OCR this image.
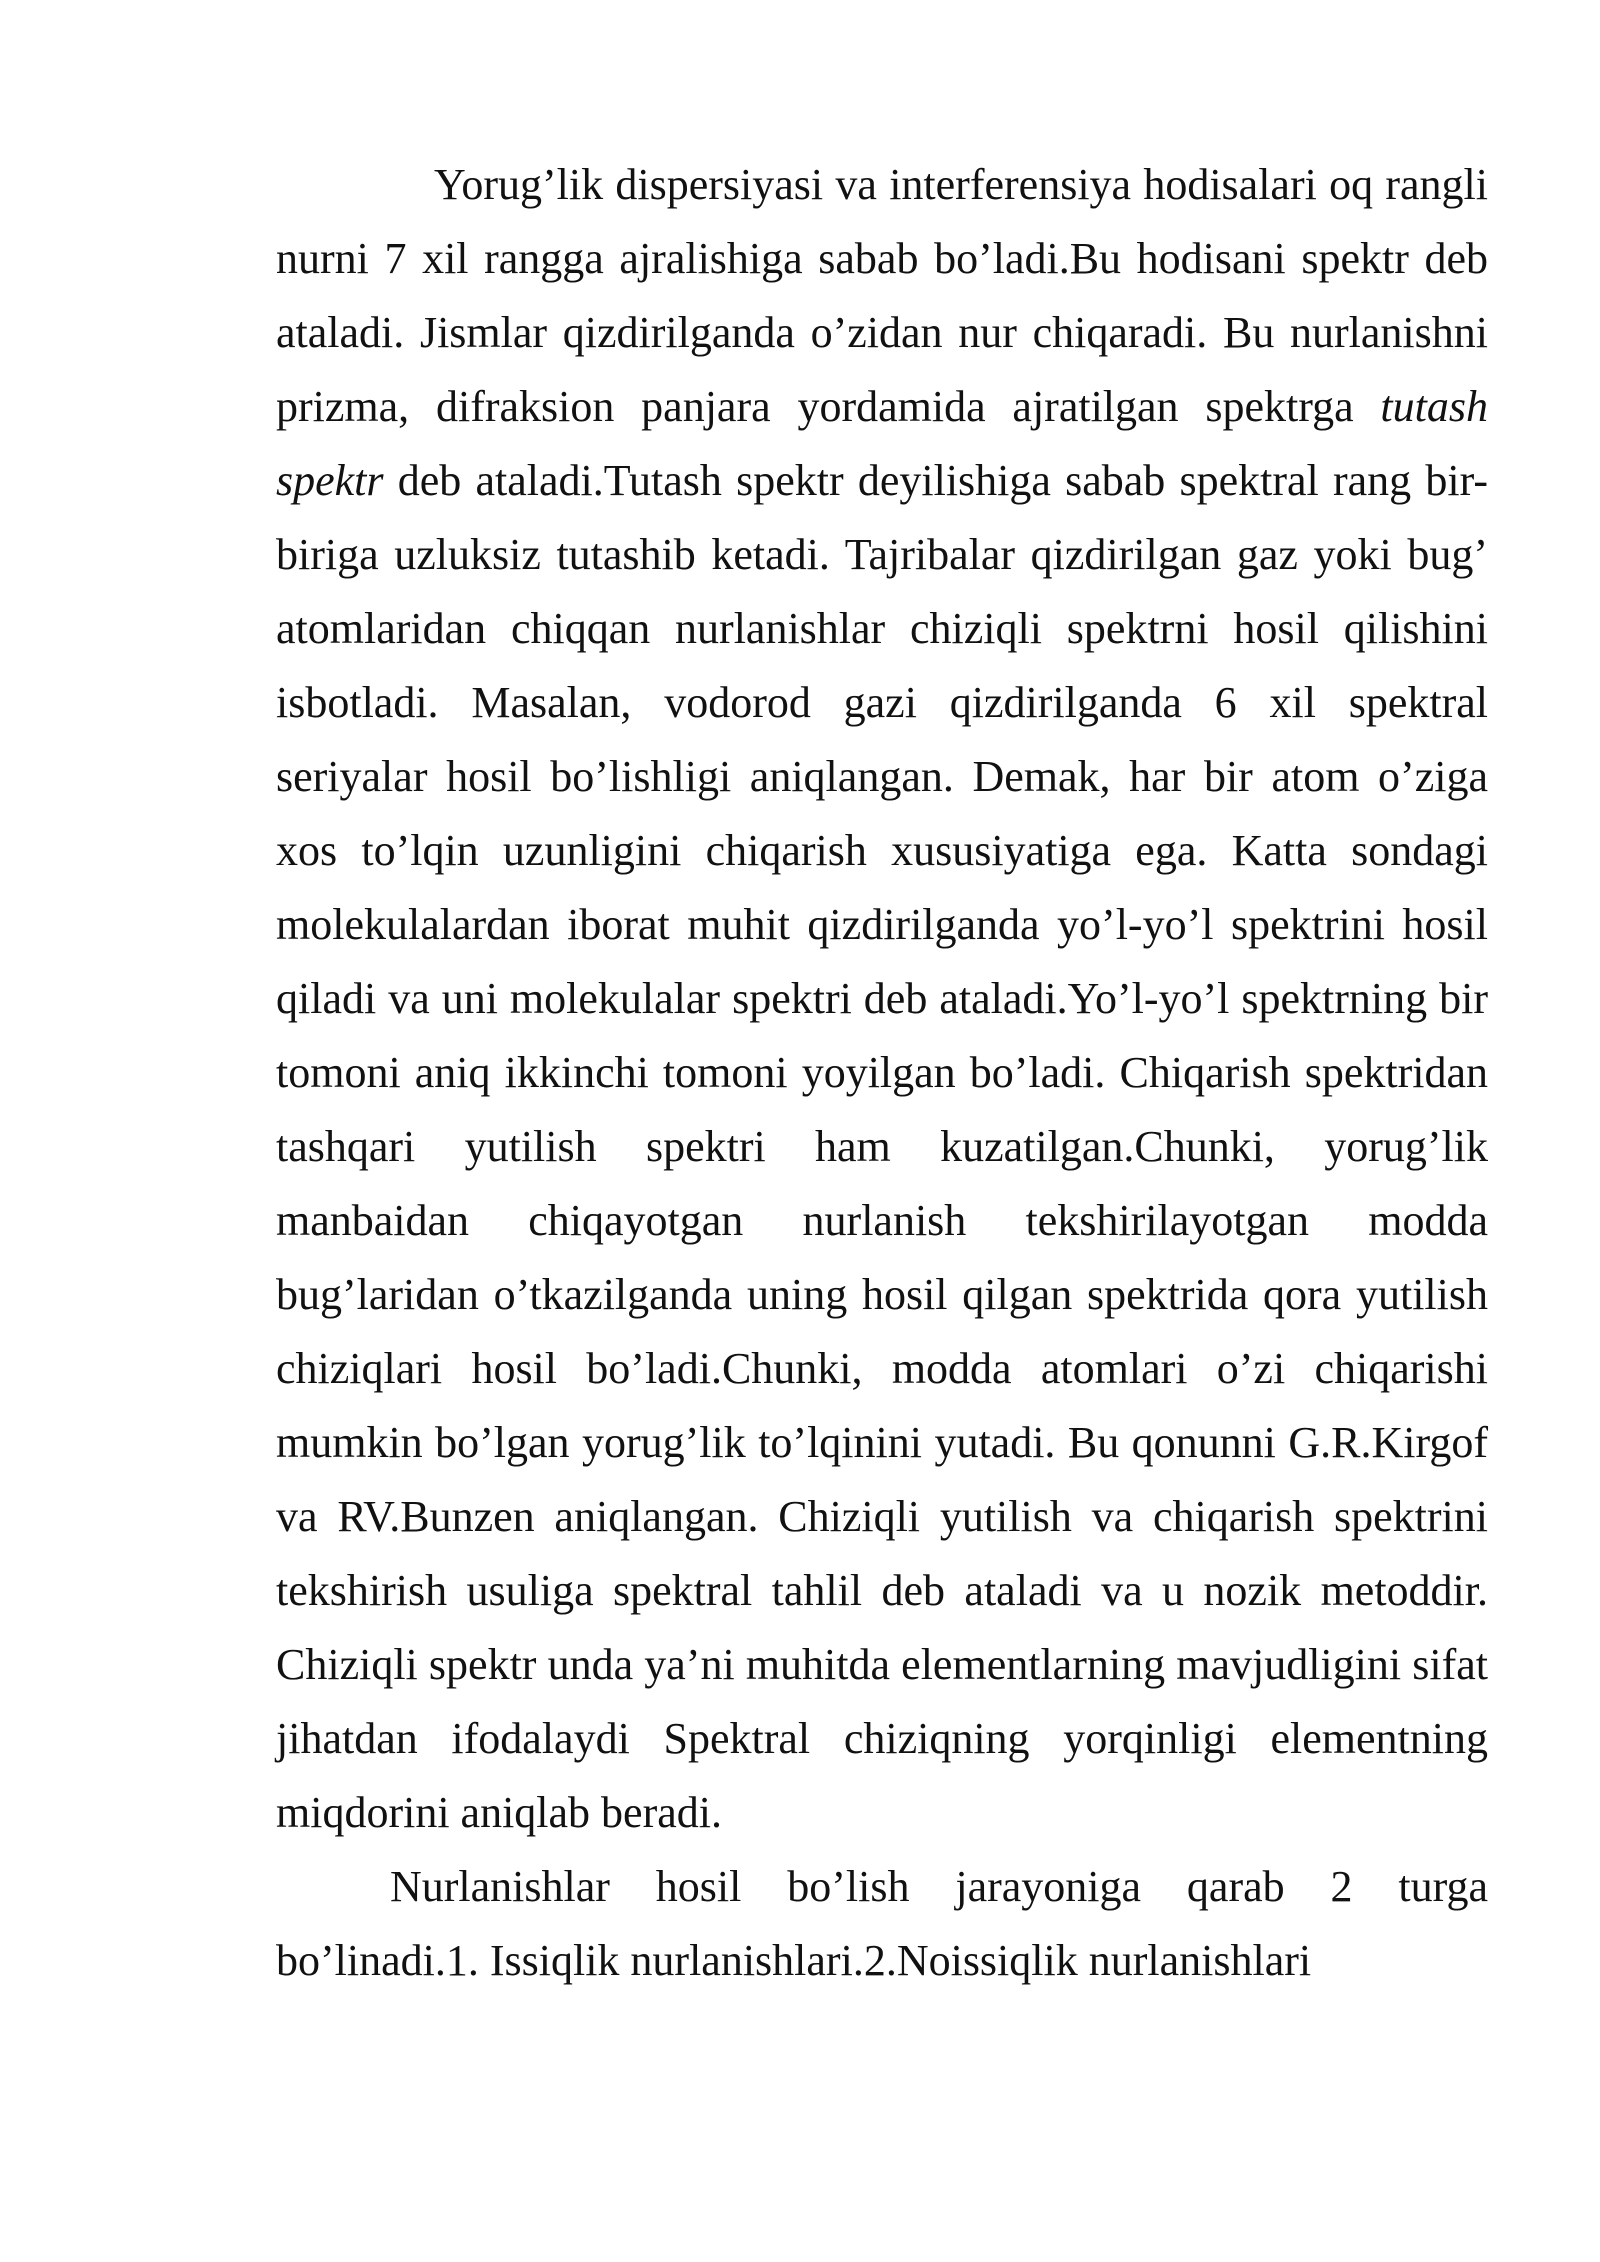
Yorug’lik dispersiyasi va interferensiya hodisalari oq rangli nurni 7 xil rangga ajralishiga sabab bo’ladi.Bu hodisani spektr deb ataladi. Jismlar qizdirilganda o’zidan nur chiqaradi. Bu nurlanishni prizma, difraksion panjara yordamida ajratilgan spektrga tutash spektr deb ataladi.Tutash spektr deyilishiga sabab spektral rang bir-biriga uzluksiz tutashib ketadi. Tajribalar qizdirilgan gaz yoki bug’ atomlaridan chiqqan nurlanishlar chiziqli spektrni hosil qilishini isbotladi. Masalan, vodorod gazi qizdirilganda 6 xil spektral seriyalar hosil bo’lishligi aniqlangan. Demak, har bir atom o’ziga xos to’lqin uzunligini chiqarish xususiyatiga ega. Katta sondagi molekulalardan iborat muhit qizdirilganda yo’l-yo’l spektrini hosil qiladi va uni molekulalar spektri deb ataladi.Yo’l-yo’l spektrning bir tomoni aniq ikkinchi tomoni yoyilgan bo’ladi. Chiqarish spektridan tashqari yutilish spektri ham kuzatilgan.Chunki, yorug’lik manbaidan chiqayotgan nurlanish tekshirilayotgan modda bug’laridan o’tkazilganda uning hosil qilgan spektrida qora yutilish chiziqlari hosil bo’ladi.Chunki, modda atomlari o’zi chiqarishi mumkin bo’lgan yorug’lik to’lqinini yutadi. Bu qonunni G.R.Kirgof va RV.Bunzen aniqlangan. Chiziqli yutilish va chiqarish spektrini tekshirish usuliga spektral tahlil deb ataladi va u nozik metoddir. Chiziqli spektr unda ya’ni muhitda elementlarning mavjudligini sifat jihatdan ifodalaydi Spektral chiziqning yorqinligi elementning miqdorini aniqlab beradi.

Nurlanishlar hosil bo’lish jarayoniga qarab 2 turga bo’linadi.1. Issiqlik nurlanishlari.2.Noissiqlik nurlanishlari
